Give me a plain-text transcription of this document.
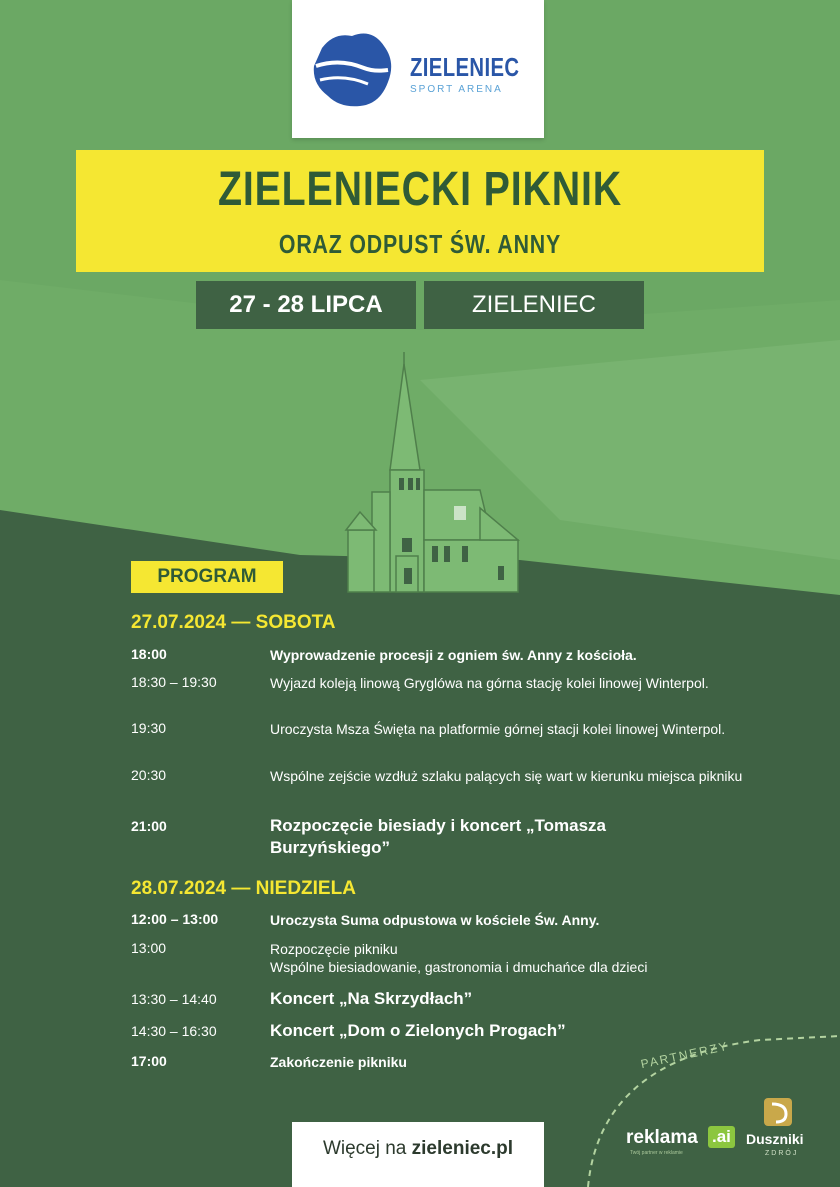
ZIELENIEC
SPORT ARENA
ZIELENIECKI PIKNIK
ORAZ ODPUST ŚW. ANNY
27 - 28 LIPCA	ZIELENIEC
PROGRAM
27.07.2024 — SOBOTA
18:00	Wyprowadzenie procesji z ogniem św. Anny z kościoła.
18:30 – 19:30	Wyjazd koleją linową Gryglówa na górna stację kolei linowej Winterpol.
19:30	Uroczysta Msza Święta na platformie górnej stacji kolei linowej Winterpol.
20:30	Wspólne zejście wzdłuż szlaku palących się wart w kierunku miejsca pikniku
21:00	Rozpoczęcie biesiady i koncert „Tomasza Burzyńskiego”
28.07.2024 — NIEDZIELA
12:00 – 13:00	Uroczysta Suma odpustowa w kościele Św. Anny.
13:00	Rozpoczęcie pikniku
Wspólne biesiadowanie, gastronomia i dmuchańce dla dzieci
13:30 – 14:40	Koncert „Na Skrzydłach”
14:30 – 16:30	Koncert „Dom o Zielonych Progach”
17:00	Zakończenie pikniku
Więcej na zieleniec.pl
PARTNERZY
reklama .ai
Twój partner w reklamie
Duszniki
ZDRÓJ
